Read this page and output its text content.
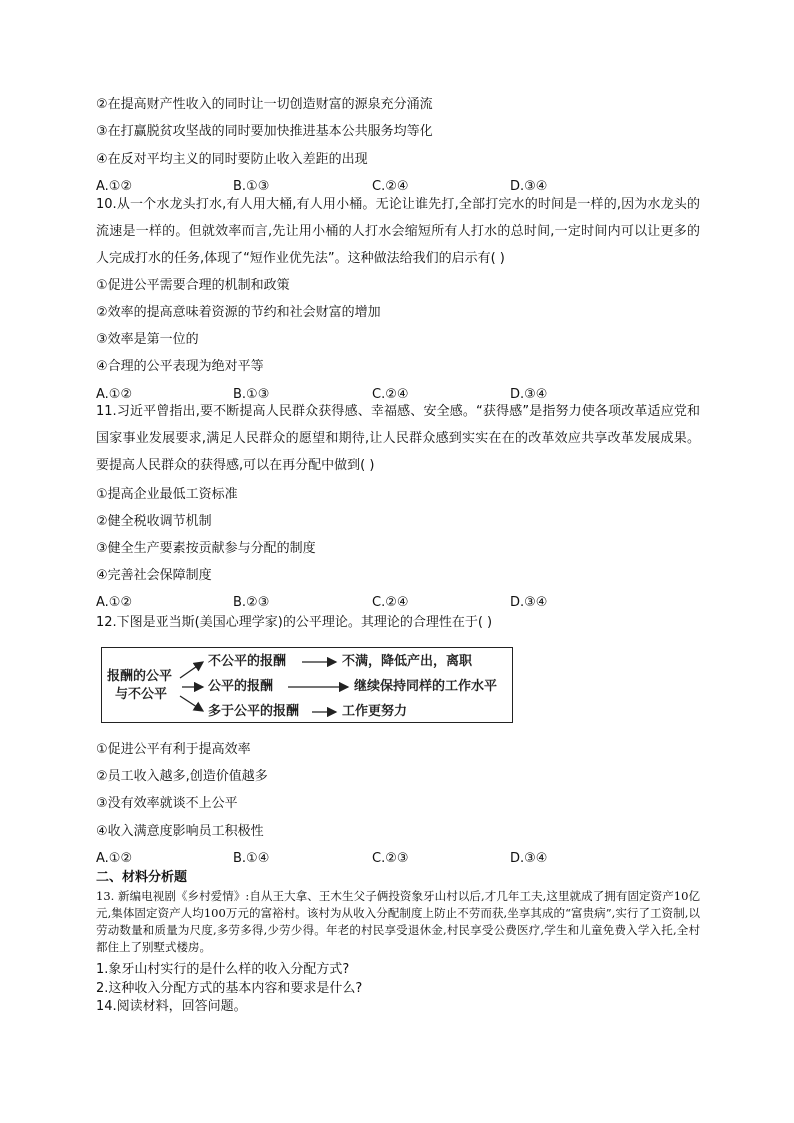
②在提高财产性收入的同时让一切创造财富的源泉充分涌流
③在打赢脱贫攻坚战的同时要加快推进基本公共服务均等化
④在反对平均主义的同时要防止收入差距的出现
A.①②	B.①③	C.②④	D.③④
10.从一个水龙头打水,有人用大桶,有人用小桶。无论让谁先打,全部打完水的时间是一样的,因为水龙头的流速是一样的。但就效率而言,先让用小桶的人打水会缩短所有人打水的总时间,一定时间内可以让更多的人完成打水的任务,体现了“短作业优先法”。这种做法给我们的启示有( )
①促进公平需要合理的机制和政策
②效率的提高意味着资源的节约和社会财富的增加
③效率是第一位的
④合理的公平表现为绝对平等
A.①②	B.①③	C.②④	D.③④
11.习近平曾指出,要不断提高人民群众获得感、幸福感、安全感。“获得感”是指努力使各项改革适应党和国家事业发展要求,满足人民群众的愿望和期待,让人民群众感到实实在在的改革效应共享改革发展成果。要提高人民群众的获得感,可以在再分配中做到( )
①提高企业最低工资标准
②健全税收调节机制
③健全生产要素按贡献参与分配的制度
④完善社会保障制度
A.①②	B.②③	C.②④	D.③④
12.下图是亚当斯(美国心理学家)的公平理论。其理论的合理性在于( )
报酬的公平
与不公平
不公平的报酬	不满，降低产出，离职
公平的报酬	继续保持同样的工作水平
多于公平的报酬	工作更努力
①促进公平有利于提高效率
②员工收入越多,创造价值越多
③没有效率就谈不上公平
④收入满意度影响员工积极性
A.①②	B.①④	C.②③	D.③④
二、材料分析题
13. 新编电视剧《乡村爱情》:自从王大拿、王木生父子俩投资象牙山村以后,才几年工夫,这里就成了拥有固定资产10亿元,集体固定资产人均100万元的富裕村。该村为从收入分配制度上防止不劳而获,坐享其成的“富贵病”,实行了工资制,以劳动数量和质量为尺度,多劳多得,少劳少得。年老的村民享受退休金,村民享受公费医疗,学生和儿童免费入学入托,全村都住上了别墅式楼房。
1.象牙山村实行的是什么样的收入分配方式?
2.这种收入分配方式的基本内容和要求是什么?
14.阅读材料，回答问题。
